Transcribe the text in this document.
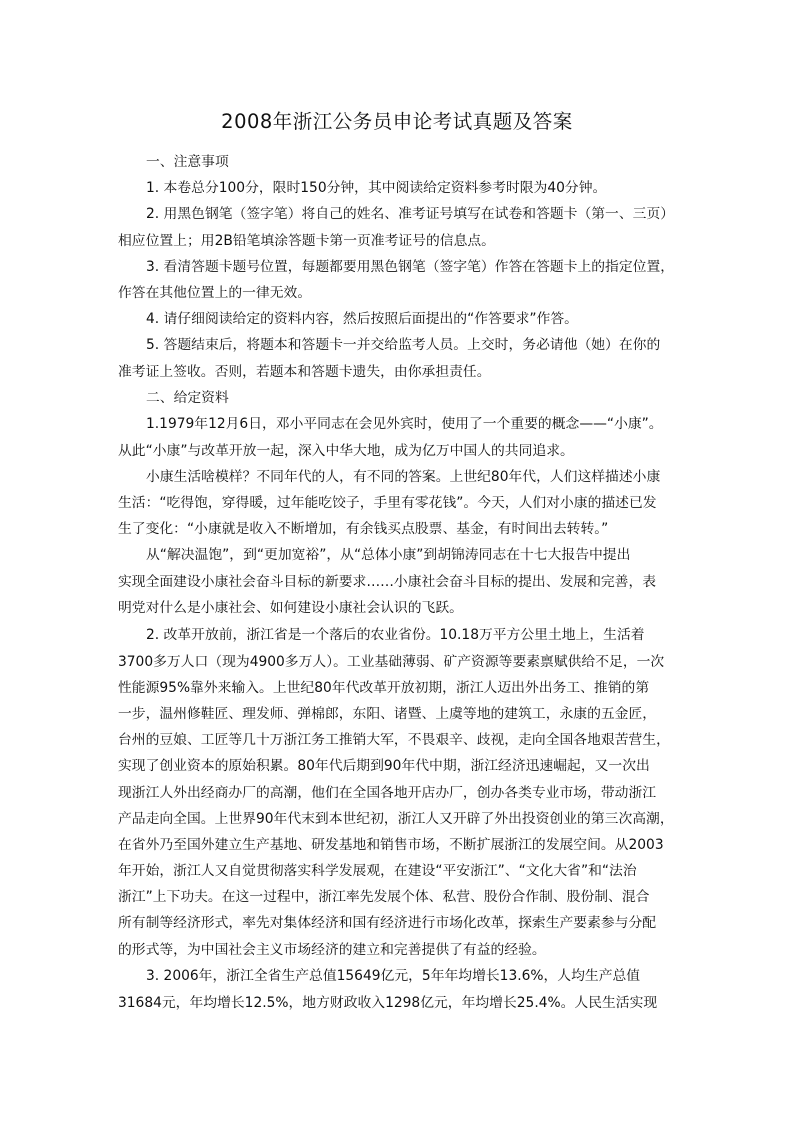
2008年浙江公务员申论考试真题及答案
一、注意事项
1. 本卷总分100分，限时150分钟，其中阅读给定资料参考时限为40分钟。
2. 用黑色钢笔（签字笔）将自己的姓名、准考证号填写在试卷和答题卡（第一、三页）
相应位置上；用2B铅笔填涂答题卡第一页准考证号的信息点。
3. 看清答题卡题号位置，每题都要用黑色钢笔（签字笔）作答在答题卡上的指定位置，
作答在其他位置上的一律无效。
4. 请仔细阅读给定的资料内容，然后按照后面提出的“作答要求”作答。
5. 答题结束后，将题本和答题卡一并交给监考人员。上交时，务必请他（她）在你的
准考证上签收。否则，若题本和答题卡遗失，由你承担责任。
二、给定资料
1.1979年12月6日，邓小平同志在会见外宾时，使用了一个重要的概念——“小康”。
从此“小康”与改革开放一起，深入中华大地，成为亿万中国人的共同追求。
小康生活啥模样？不同年代的人，有不同的答案。上世纪80年代，人们这样描述小康
生活：“吃得饱，穿得暖，过年能吃饺子，手里有零花钱”。今天，人们对小康的描述已发
生了变化：“小康就是收入不断增加，有余钱买点股票、基金，有时间出去转转。”
从“解决温饱”，到“更加宽裕”，从“总体小康”到胡锦涛同志在十七大报告中提出
实现全面建设小康社会奋斗目标的新要求……小康社会奋斗目标的提出、发展和完善，表
明党对什么是小康社会、如何建设小康社会认识的飞跃。
2. 改革开放前，浙江省是一个落后的农业省份。10.18万平方公里土地上，生活着
3700多万人口（现为4900多万人）。工业基础薄弱、矿产资源等要素禀赋供给不足，一次
性能源95%靠外来输入。上世纪80年代改革开放初期，浙江人迈出外出务工、推销的第
一步，温州修鞋匠、理发师、弹棉郎，东阳、诸暨、上虞等地的建筑工，永康的五金匠，
台州的豆娘、工匠等几十万浙江务工推销大军，不畏艰辛、歧视，走向全国各地艰苦营生，
实现了创业资本的原始积累。80年代后期到90年代中期，浙江经济迅速崛起，又一次出
现浙江人外出经商办厂的高潮，他们在全国各地开店办厂，创办各类专业市场，带动浙江
产品走向全国。上世界90年代末到本世纪初，浙江人又开辟了外出投资创业的第三次高潮，
在省外乃至国外建立生产基地、研发基地和销售市场，不断扩展浙江的发展空间。从2003
年开始，浙江人又自觉贯彻落实科学发展观，在建设“平安浙江”、“文化大省”和“法治
浙江”上下功夫。在这一过程中，浙江率先发展个体、私营、股份合作制、股份制、混合
所有制等经济形式，率先对集体经济和国有经济进行市场化改革，探索生产要素参与分配
的形式等，为中国社会主义市场经济的建立和完善提供了有益的经验。
3. 2006年，浙江全省生产总值15649亿元，5年年均增长13.6%，人均生产总值
31684元，年均增长12.5%，地方财政收入1298亿元，年均增长25.4%。人民生活实现
